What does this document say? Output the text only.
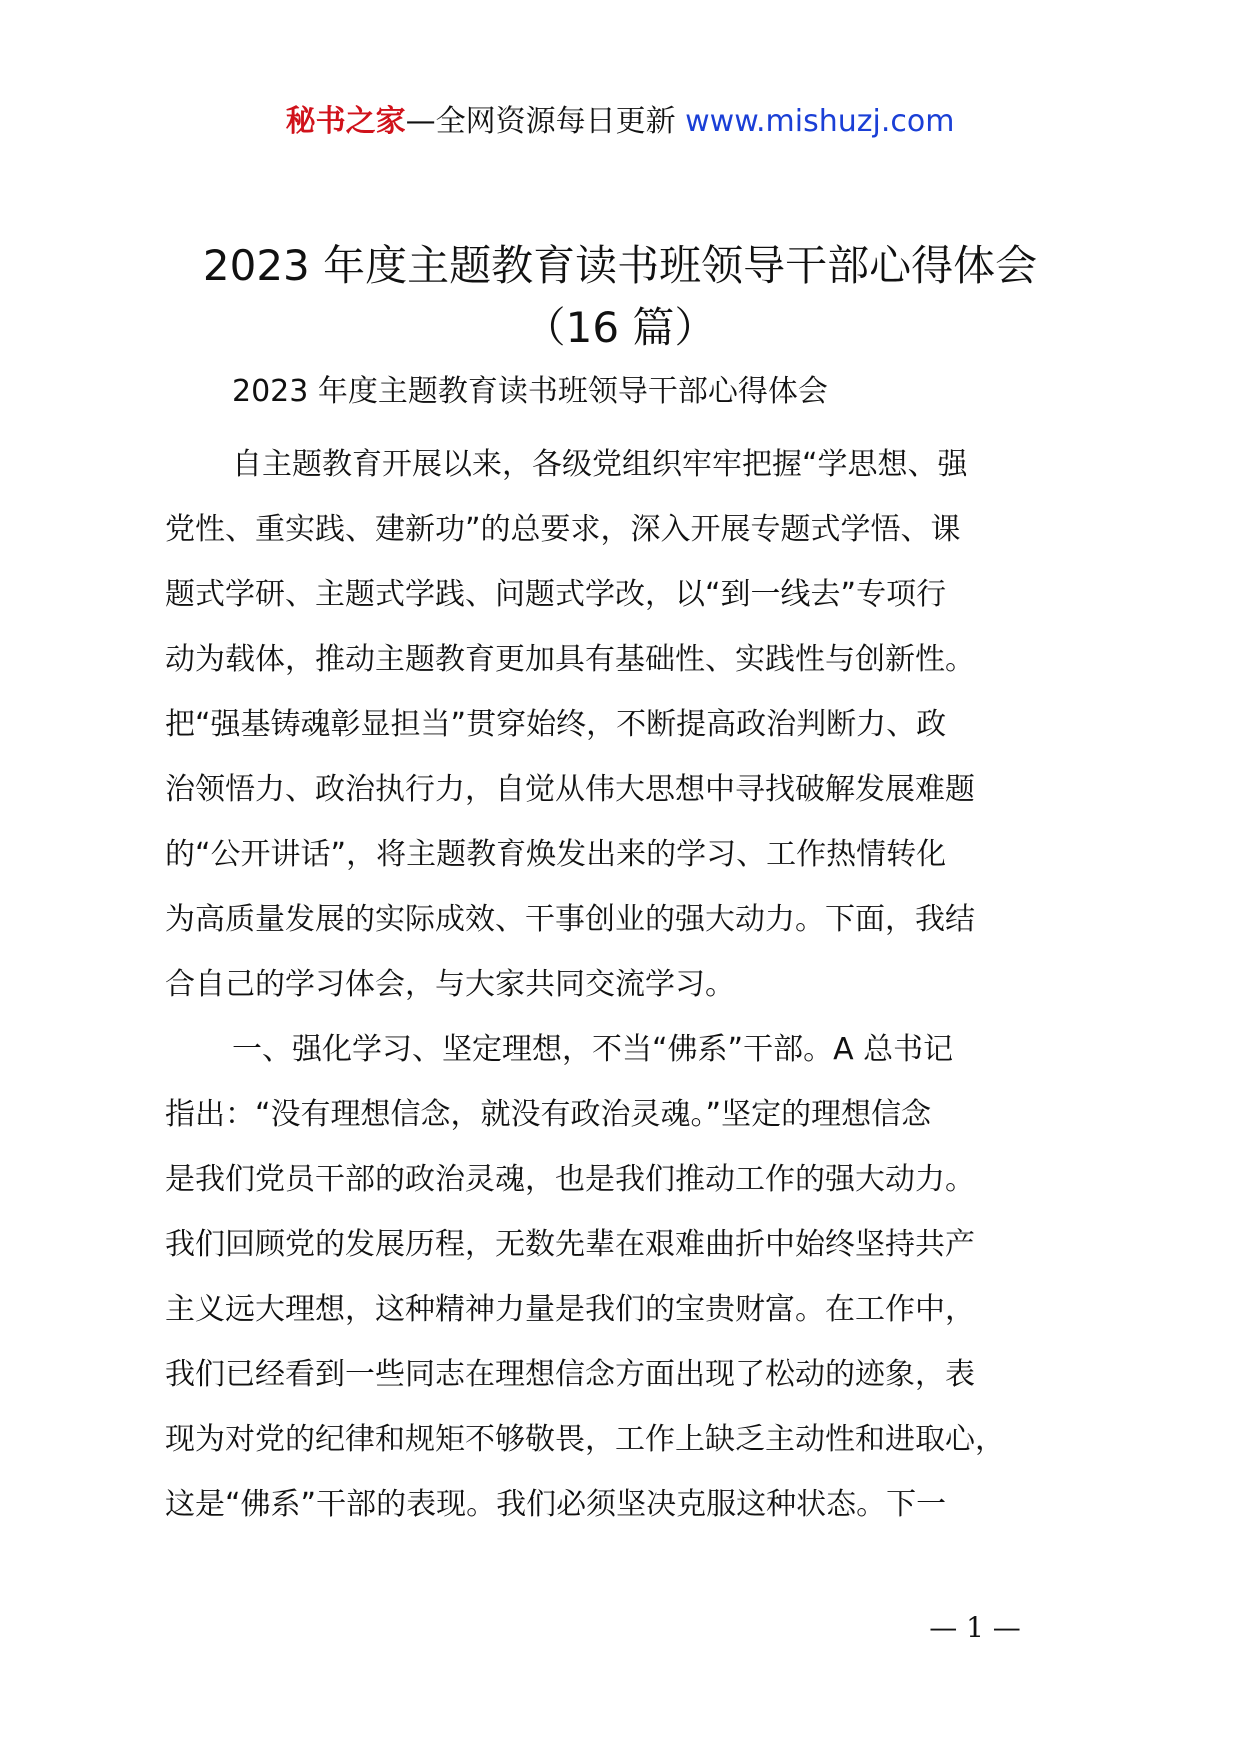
秘书之家—全网资源每日更新 www.mishuzj.com
2023 年度主题教育读书班领导干部心得体会
（16 篇）
2023 年度主题教育读书班领导干部心得体会
自主题教育开展以来，各级党组织牢牢把握“学思想、强
党性、重实践、建新功”的总要求，深入开展专题式学悟、课
题式学研、主题式学践、问题式学改，以“到一线去”专项行
动为载体，推动主题教育更加具有基础性、实践性与创新性。
把“强基铸魂彰显担当”贯穿始终，不断提高政治判断力、政
治领悟力、政治执行力，自觉从伟大思想中寻找破解发展难题
的“公开讲话”，将主题教育焕发出来的学习、工作热情转化
为高质量发展的实际成效、干事创业的强大动力。下面，我结
合自己的学习体会，与大家共同交流学习。
一、强化学习、坚定理想，不当“佛系”干部。A 总书记
指出：“没有理想信念，就没有政治灵魂。”坚定的理想信念
是我们党员干部的政治灵魂，也是我们推动工作的强大动力。
我们回顾党的发展历程，无数先辈在艰难曲折中始终坚持共产
主义远大理想，这种精神力量是我们的宝贵财富。在工作中，
我们已经看到一些同志在理想信念方面出现了松动的迹象，表
现为对党的纪律和规矩不够敬畏，工作上缺乏主动性和进取心，
这是“佛系”干部的表现。我们必须坚决克服这种状态。下一
— 1 —
